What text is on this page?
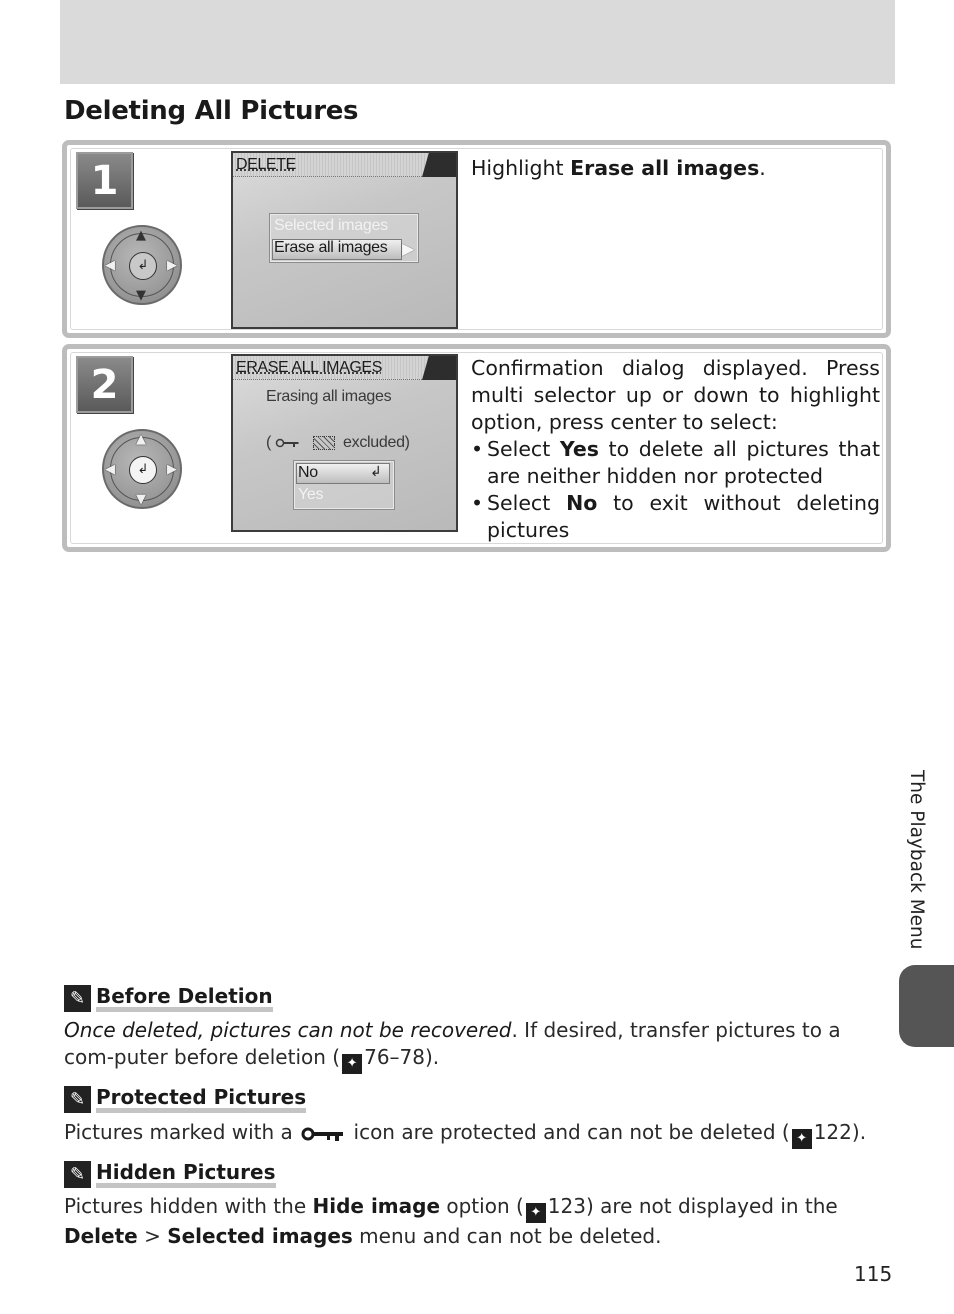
Deleting All Pictures
1
▲
▼
◀	▶
↲
DELETE
Selected images
Erase all images ▶
Highlight Erase all images.
2
▲
▼
◀	▶
↲
ERASE ALL IMAGES
Erasing all images
(	excluded)
No	↲
Yes
Confirmation dialog displayed. Press multi selector up or down to highlight option, press center to select:
• Select Yes to delete all pictures that are neither hidden nor protected
• Select No to exit without deleting pictures
The Playback Menu
✎ Before Deletion
Once deleted, pictures can not be recovered. If desired, transfer pictures to a com-puter before deletion ( ✦ 76–78).
✎ Protected Pictures
Pictures marked with a	icon are protected and can not be deleted ( ✦ 122).
✎ Hidden Pictures
Pictures hidden with the Hide image option ( ✦ 123) are not displayed in the Delete > Selected images menu and can not be deleted.
115
